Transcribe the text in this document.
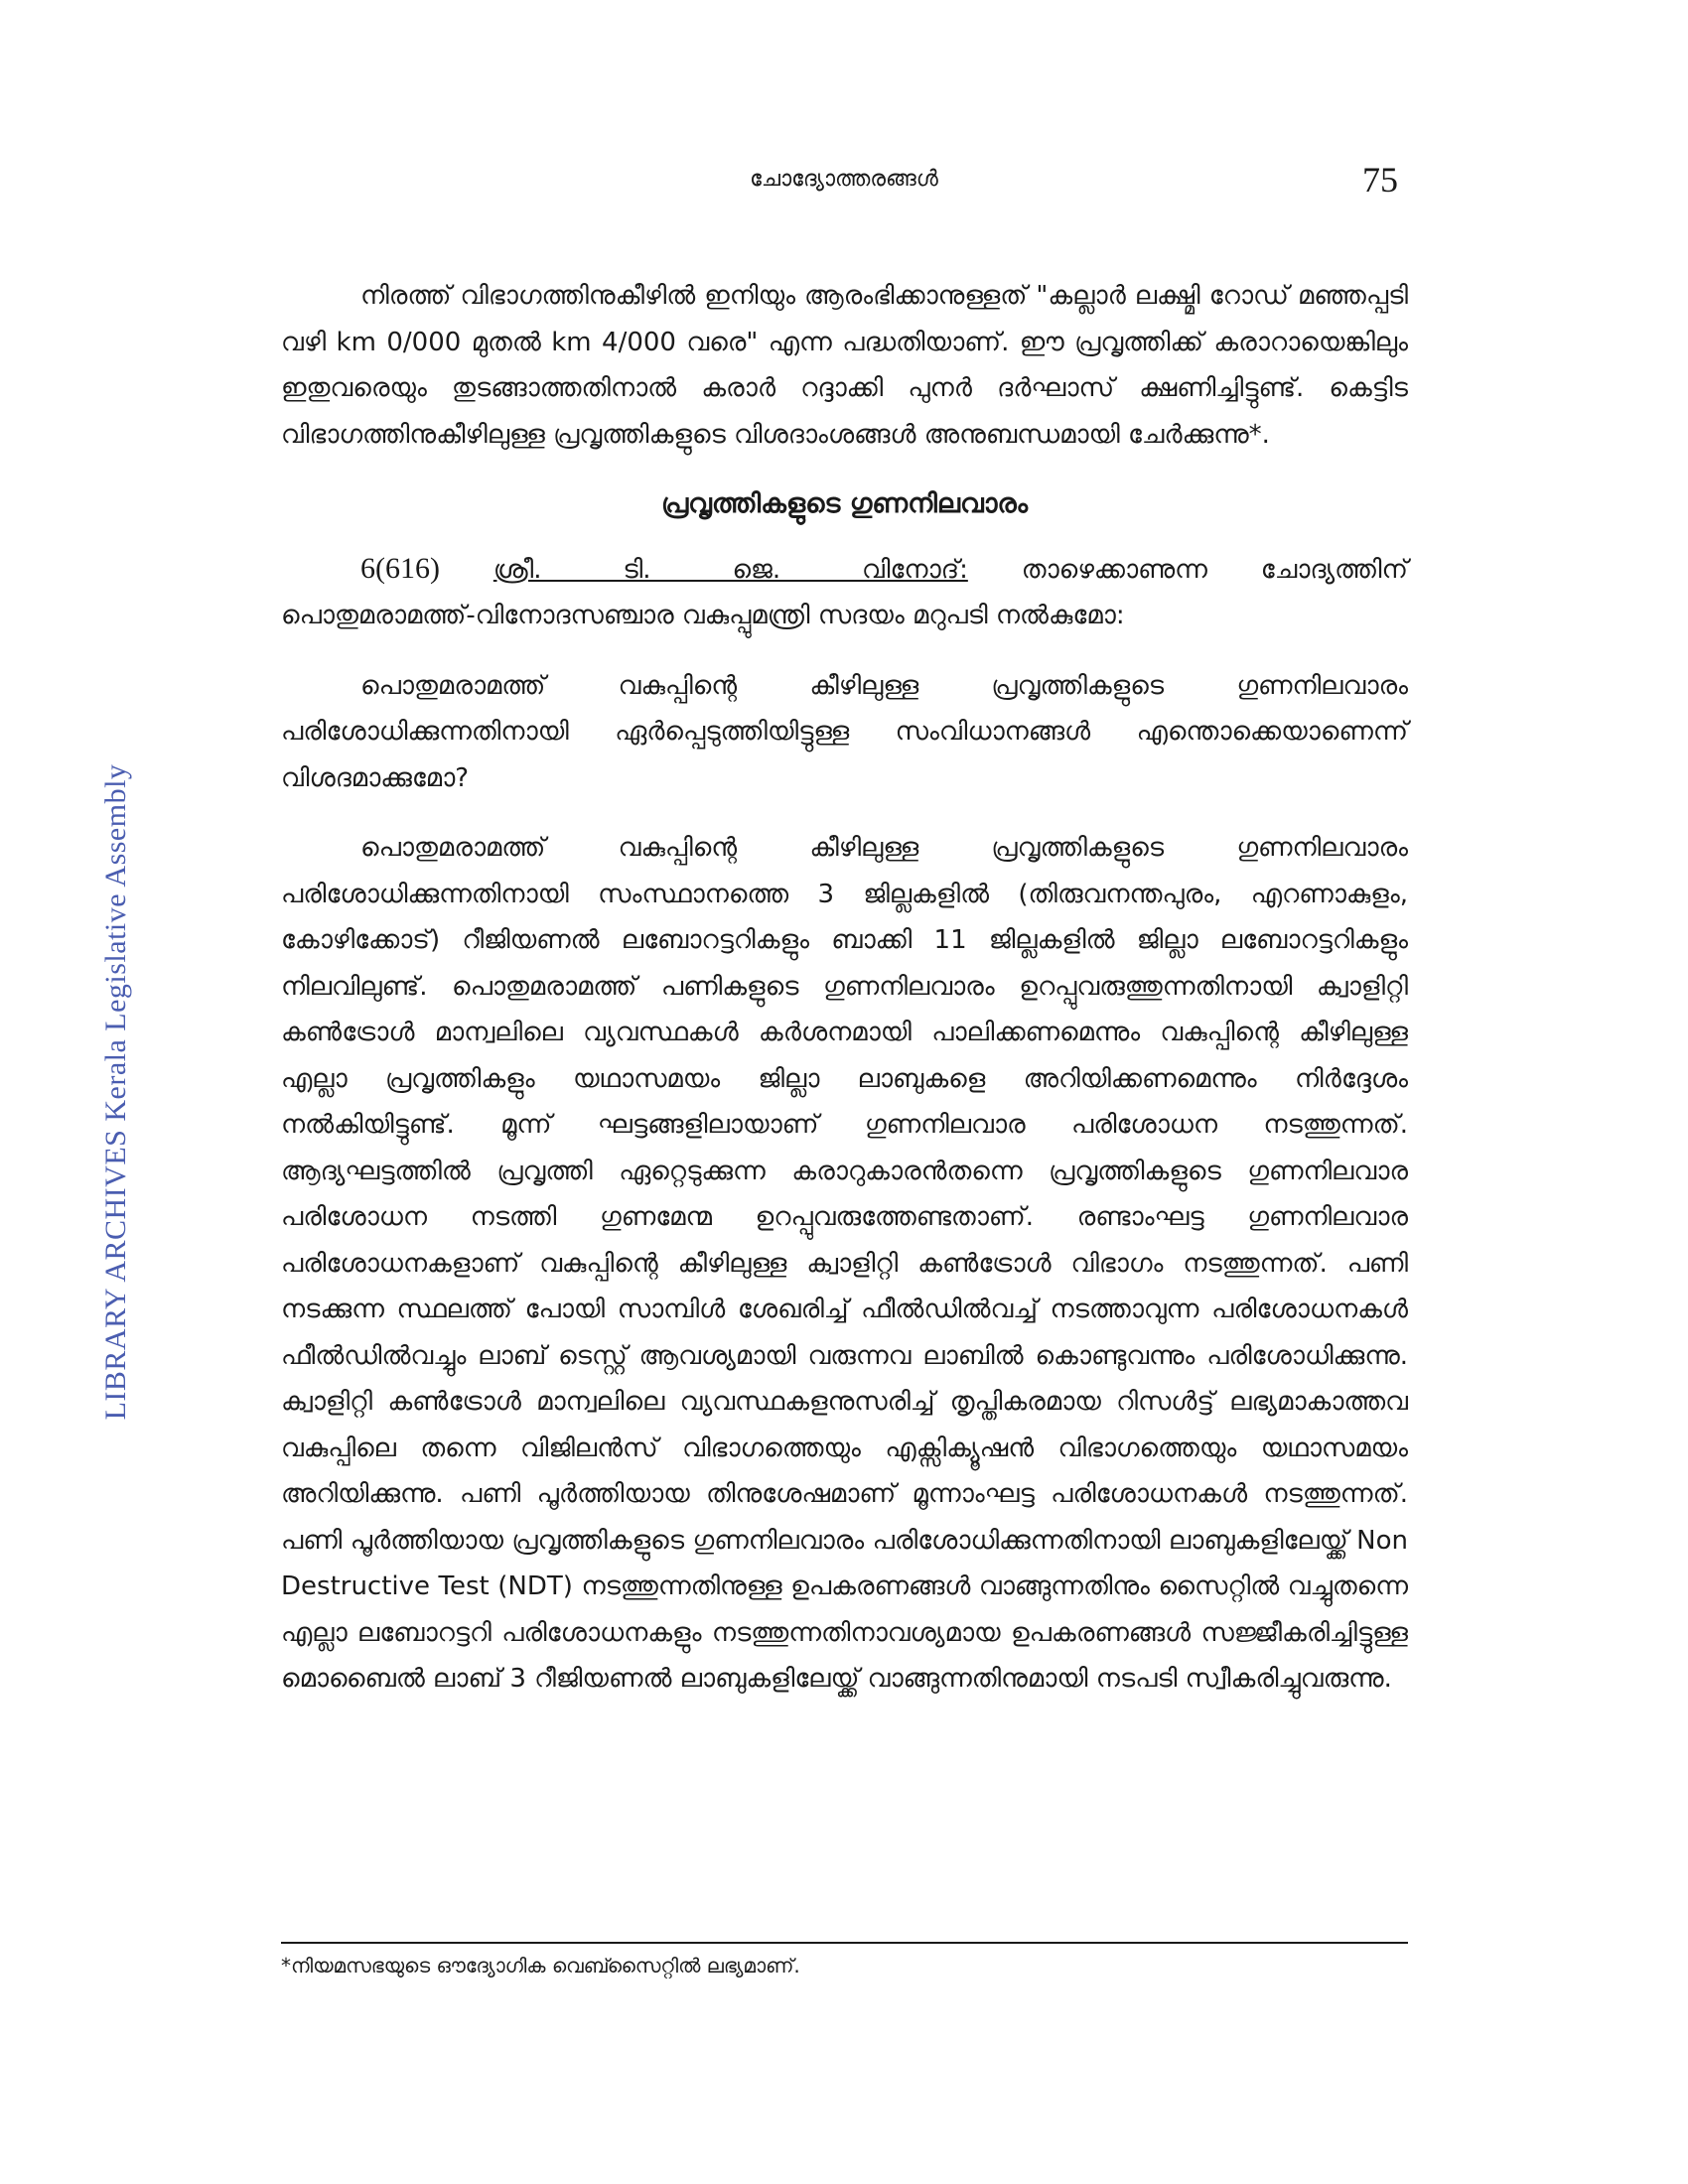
LIBRARY ARCHIVES Kerala Legislative Assembly
ചോദ്യോത്തരങ്ങൾ	75

നിരത്ത് വിഭാഗത്തിനുകീഴിൽ ഇനിയും ആരംഭിക്കാനുള്ളത് "കല്ലാർ ലക്ഷ്മി റോഡ് മഞ്ഞപ്പടി വഴി km 0/000 മുതൽ km 4/000 വരെ" എന്ന പദ്ധതിയാണ്. ഈ പ്രവൃത്തിക്ക് കരാറായെങ്കിലും ഇതുവരെയും തുടങ്ങാത്തതിനാൽ കരാർ റദ്ദാക്കി പുനർ ദർഘാസ് ക്ഷണിച്ചിട്ടുണ്ട്. കെട്ടിട വിഭാഗത്തിനുകീഴിലുള്ള പ്രവൃത്തികളുടെ വിശദാംശങ്ങൾ അനുബന്ധമായി ചേർക്കുന്നു*.

പ്രവൃത്തികളുടെ ഗുണനിലവാരം

6(616) ശ്രീ. ടി. ജെ. വിനോദ്: താഴെക്കാണുന്ന ചോദ്യത്തിന്

പൊതുമരാമത്ത്-വിനോദസഞ്ചാര വകുപ്പുമന്ത്രി സദയം മറുപടി നൽകുമോ:

പൊതുമരാമത്ത് വകുപ്പിന്റെ കീഴിലുള്ള പ്രവൃത്തികളുടെ ഗുണനിലവാരം പരിശോധിക്കുന്നതിനായി ഏർപ്പെടുത്തിയിട്ടുള്ള സംവിധാനങ്ങൾ എന്തൊക്കെയാണെന്ന് വിശദമാക്കുമോ?

പൊതുമരാമത്ത് വകുപ്പിന്റെ കീഴിലുള്ള പ്രവൃത്തികളുടെ ഗുണനിലവാരം പരിശോധിക്കുന്നതിനായി സംസ്ഥാനത്തെ 3 ജില്ലകളിൽ (തിരുവനന്തപുരം, എറണാകുളം, കോഴിക്കോട്) റീജിയണൽ ലബോറട്ടറികളും ബാക്കി 11 ജില്ലകളിൽ ജില്ലാ ലബോറട്ടറികളും നിലവിലുണ്ട്. പൊതുമരാമത്ത് പണികളുടെ ഗുണനിലവാരം ഉറപ്പുവരുത്തുന്നതിനായി ക്വാളിറ്റി കൺട്രോൾ മാന്വലിലെ വ്യവസ്ഥകൾ കർശനമായി പാലിക്കണമെന്നും വകുപ്പിന്റെ കീഴിലുള്ള എല്ലാ പ്രവൃത്തികളും യഥാസമയം ജില്ലാ ലാബുകളെ അറിയിക്കണമെന്നും നിർദ്ദേശം നൽകിയിട്ടുണ്ട്. മൂന്ന് ഘട്ടങ്ങളിലായാണ് ഗുണനിലവാര പരിശോധന നടത്തുന്നത്. ആദ്യഘട്ടത്തിൽ പ്രവൃത്തി ഏറ്റെടുക്കുന്ന കരാറുകാരൻതന്നെ പ്രവൃത്തികളുടെ ഗുണനിലവാര പരിശോധന നടത്തി ഗുണമേന്മ ഉറപ്പുവരുത്തേണ്ടതാണ്. രണ്ടാംഘട്ട ഗുണനിലവാര പരിശോധനകളാണ് വകുപ്പിന്റെ കീഴിലുള്ള ക്വാളിറ്റി കൺട്രോൾ വിഭാഗം നടത്തുന്നത്. പണി നടക്കുന്ന സ്ഥലത്ത് പോയി സാമ്പിൾ ശേഖരിച്ച് ഫീൽഡിൽവച്ച് നടത്താവുന്ന പരിശോധനകൾ ഫീൽഡിൽവച്ചും ലാബ് ടെസ്റ്റ് ആവശ്യമായി വരുന്നവ ലാബിൽ കൊണ്ടുവന്നും പരിശോധിക്കുന്നു. ക്വാളിറ്റി കൺട്രോൾ മാന്വലിലെ വ്യവസ്ഥകളനുസരിച്ച് തൃപ്തികരമായ റിസൾട്ട് ലഭ്യമാകാത്തവ വകുപ്പിലെ തന്നെ വിജിലൻസ് വിഭാഗത്തെയും എക്സിക്യൂഷൻ വിഭാഗത്തെയും യഥാസമയം അറിയിക്കുന്നു. പണി പൂർത്തിയായ തിനുശേഷമാണ് മൂന്നാംഘട്ട പരിശോധനകൾ നടത്തുന്നത്. പണി പൂർത്തിയായ പ്രവൃത്തികളുടെ ഗുണനിലവാരം പരിശോധിക്കുന്നതിനായി ലാബുകളിലേയ്ക്ക് Non Destructive Test (NDT) നടത്തുന്നതിനുള്ള ഉപകരണങ്ങൾ വാങ്ങുന്നതിനും സൈറ്റിൽ വച്ചുതന്നെ എല്ലാ ലബോറട്ടറി പരിശോധനകളും നടത്തുന്നതിനാവശ്യമായ ഉപകരണങ്ങൾ സജ്ജീകരിച്ചിട്ടുള്ള മൊബൈൽ ലാബ് 3 റീജിയണൽ ലാബുകളിലേയ്ക്ക് വാങ്ങുന്നതിനുമായി നടപടി സ്വീകരിച്ചുവരുന്നു.

*നിയമസഭയുടെ ഔദ്യോഗിക വെബ്സൈറ്റിൽ ലഭ്യമാണ്.
